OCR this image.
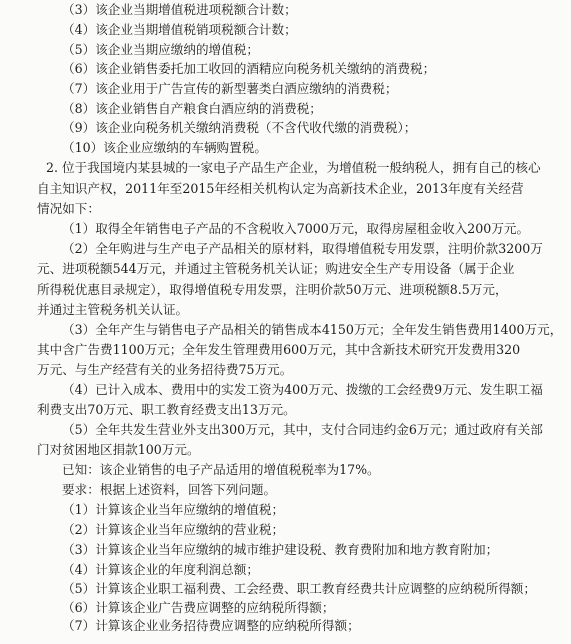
（3）该企业当期增值税进项税额合计数；
（4）该企业当期增值税销项税额合计数；
（5）该企业当期应缴纳的增值税；
（6）该企业销售委托加工收回的酒精应向税务机关缴纳的消费税；
（7）该企业用于广告宣传的新型薯类白酒应缴纳的消费税；
（8）该企业销售自产粮食白酒应纳的消费税；
（9）该企业向税务机关缴纳消费税（不含代收代缴的消费税）；
（10）该企业应缴纳的车辆购置税。
2. 位于我国境内某县城的一家电子产品生产企业，为增值税一般纳税人，拥有自己的核心
自主知识产权，2011年至2015年经相关机构认定为高新技术企业，2013年度有关经营
情况如下：
（1）取得全年销售电子产品的不含税收入7000万元，取得房屋租金收入200万元。
（2）全年购进与生产电子产品相关的原材料，取得增值税专用发票，注明价款3200万
元、进项税额544万元，并通过主管税务机关认证；购进安全生产专用设备（属于企业
所得税优惠目录规定），取得增值税专用发票，注明价款50万元、进项税额8.5万元，
并通过主管税务机关认证。
（3）全年产生与销售电子产品相关的销售成本4150万元；全年发生销售费用1400万元，
其中含广告费1100万元；全年发生管理费用600万元，其中含新技术研究开发费用320
万元、与生产经营有关的业务招待费75万元。
（4）已计入成本、费用中的实发工资为400万元、拨缴的工会经费9万元、发生职工福
利费支出70万元、职工教育经费支出13万元。
（5）全年共发生营业外支出300万元，其中，支付合同违约金6万元；通过政府有关部
门对贫困地区捐款100万元。
已知：该企业销售的电子产品适用的增值税税率为17%。
要求：根据上述资料，回答下列问题。
（1）计算该企业当年应缴纳的增值税；
（2）计算该企业当年应缴纳的营业税；
（3）计算该企业当年应缴纳的城市维护建设税、教育费附加和地方教育附加；
（4）计算该企业的年度利润总额；
（5）计算该企业职工福利费、工会经费、职工教育经费共计应调整的应纳税所得额；
（6）计算该企业广告费应调整的应纳税所得额；
（7）计算该企业业务招待费应调整的应纳税所得额；
